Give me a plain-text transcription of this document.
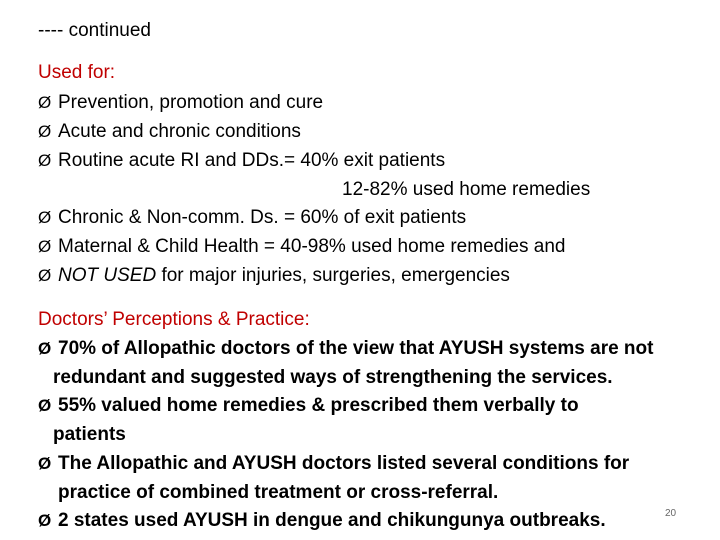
---- continued
Used for:
Ø Prevention, promotion and cure
Ø Acute and chronic conditions
Ø Routine acute RI and DDs.= 40% exit patients
12-82% used home remedies
Ø Chronic & Non-comm. Ds. = 60% of exit patients
Ø Maternal & Child Health = 40-98% used home remedies and
Ø NOT USED for major injuries, surgeries, emergencies
Doctors’ Perceptions & Practice:
Ø 70% of Allopathic doctors of the view that AYUSH systems are not
redundant and suggested ways of strengthening the services.
Ø 55% valued home remedies & prescribed them verbally to
patients
Ø The Allopathic and AYUSH doctors listed several conditions for
practice of combined treatment or cross-referral.
Ø 2 states used AYUSH in dengue and chikungunya outbreaks.	20
